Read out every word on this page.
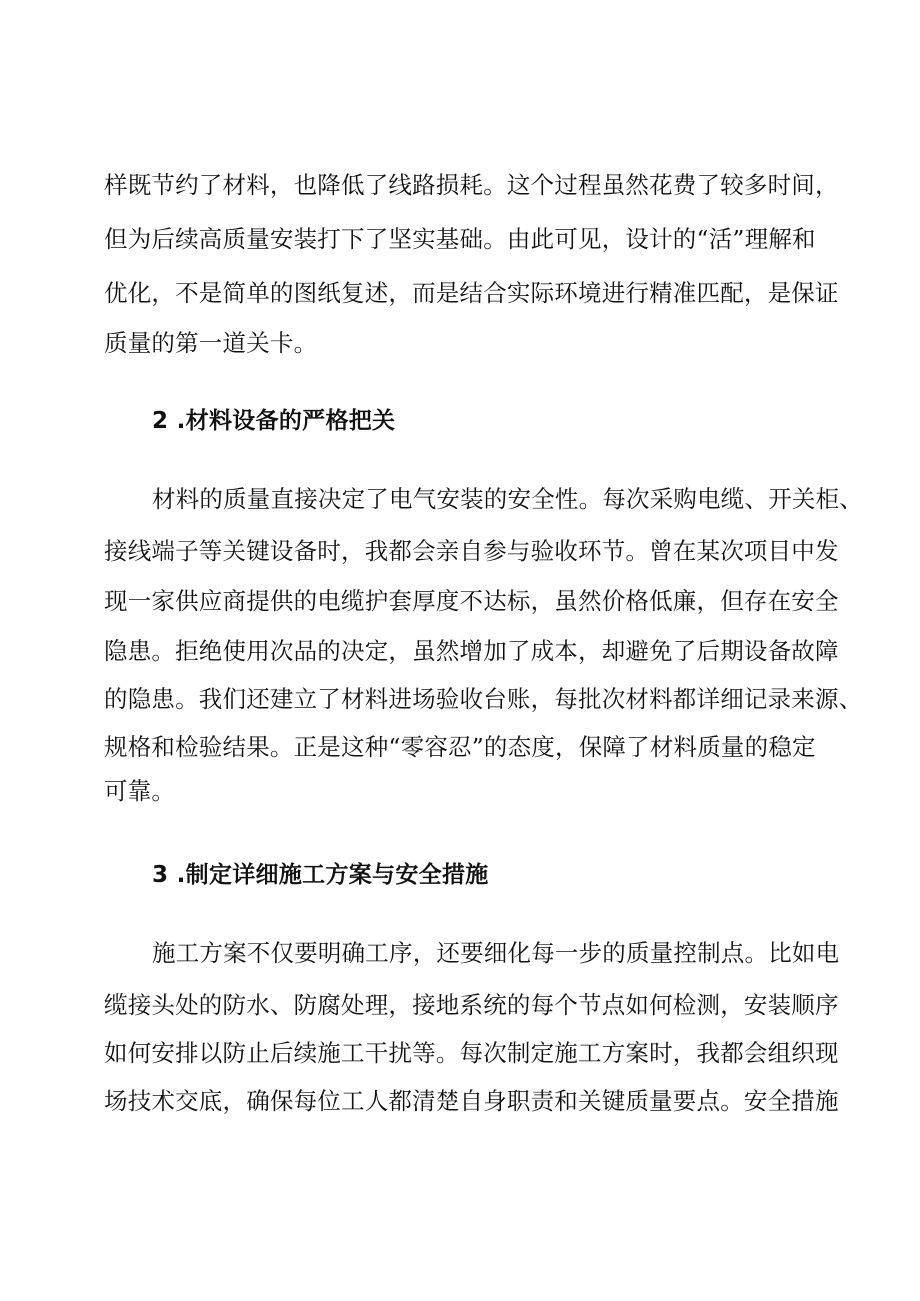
样既节约了材料，也降低了线路损耗。这个过程虽然花费了较多时间，
但为后续高质量安装打下了坚实基础。由此可见，设计的“活”理解和
优化，不是简单的图纸复述，而是结合实际环境进行精准匹配，是保证
质量的第一道关卡。
2 .材料设备的严格把关
材料的质量直接决定了电气安装的安全性。每次采购电缆、开关柜、
接线端子等关键设备时，我都会亲自参与验收环节。曾在某次项目中发
现一家供应商提供的电缆护套厚度不达标，虽然价格低廉，但存在安全
隐患。拒绝使用次品的决定，虽然增加了成本，却避免了后期设备故障
的隐患。我们还建立了材料进场验收台账，每批次材料都详细记录来源、
规格和检验结果。正是这种“零容忍”的态度，保障了材料质量的稳定
可靠。
3 .制定详细施工方案与安全措施
施工方案不仅要明确工序，还要细化每一步的质量控制点。比如电
缆接头处的防水、防腐处理，接地系统的每个节点如何检测，安装顺序
如何安排以防止后续施工干扰等。每次制定施工方案时，我都会组织现
场技术交底，确保每位工人都清楚自身职责和关键质量要点。安全措施
